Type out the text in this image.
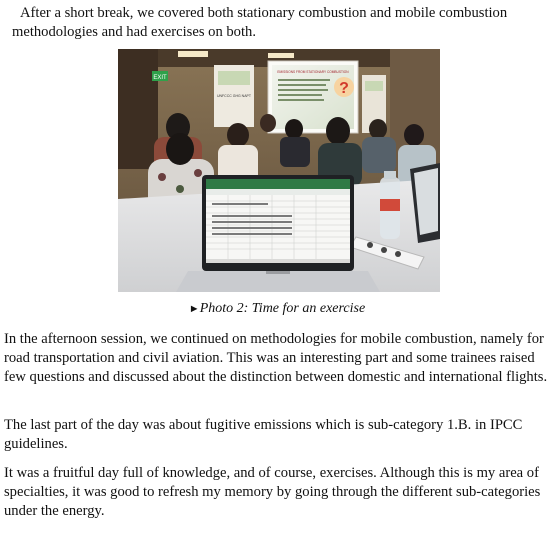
After a short break, we covered both stationary combustion and mobile combustion methodologies and had exercises on both.

EXIT
EMISSIONS FROM STATIONARY COMBUSTION
?
UNFCCC GHG NAPT
►Photo 2: Time for an exercise

In the afternoon session, we continued on methodologies for mobile combustion, namely for road transportation and civil aviation. This was an interesting part and some trainees raised few questions and discussed about the distinction between domestic and international flights.

The last part of the day was about fugitive emissions which is sub-category 1.B. in IPCC guidelines.

It was a fruitful day full of knowledge, and of course, exercises. Although this is my area of specialties, it was good to refresh my memory by going through the different sub-categories under the energy.
